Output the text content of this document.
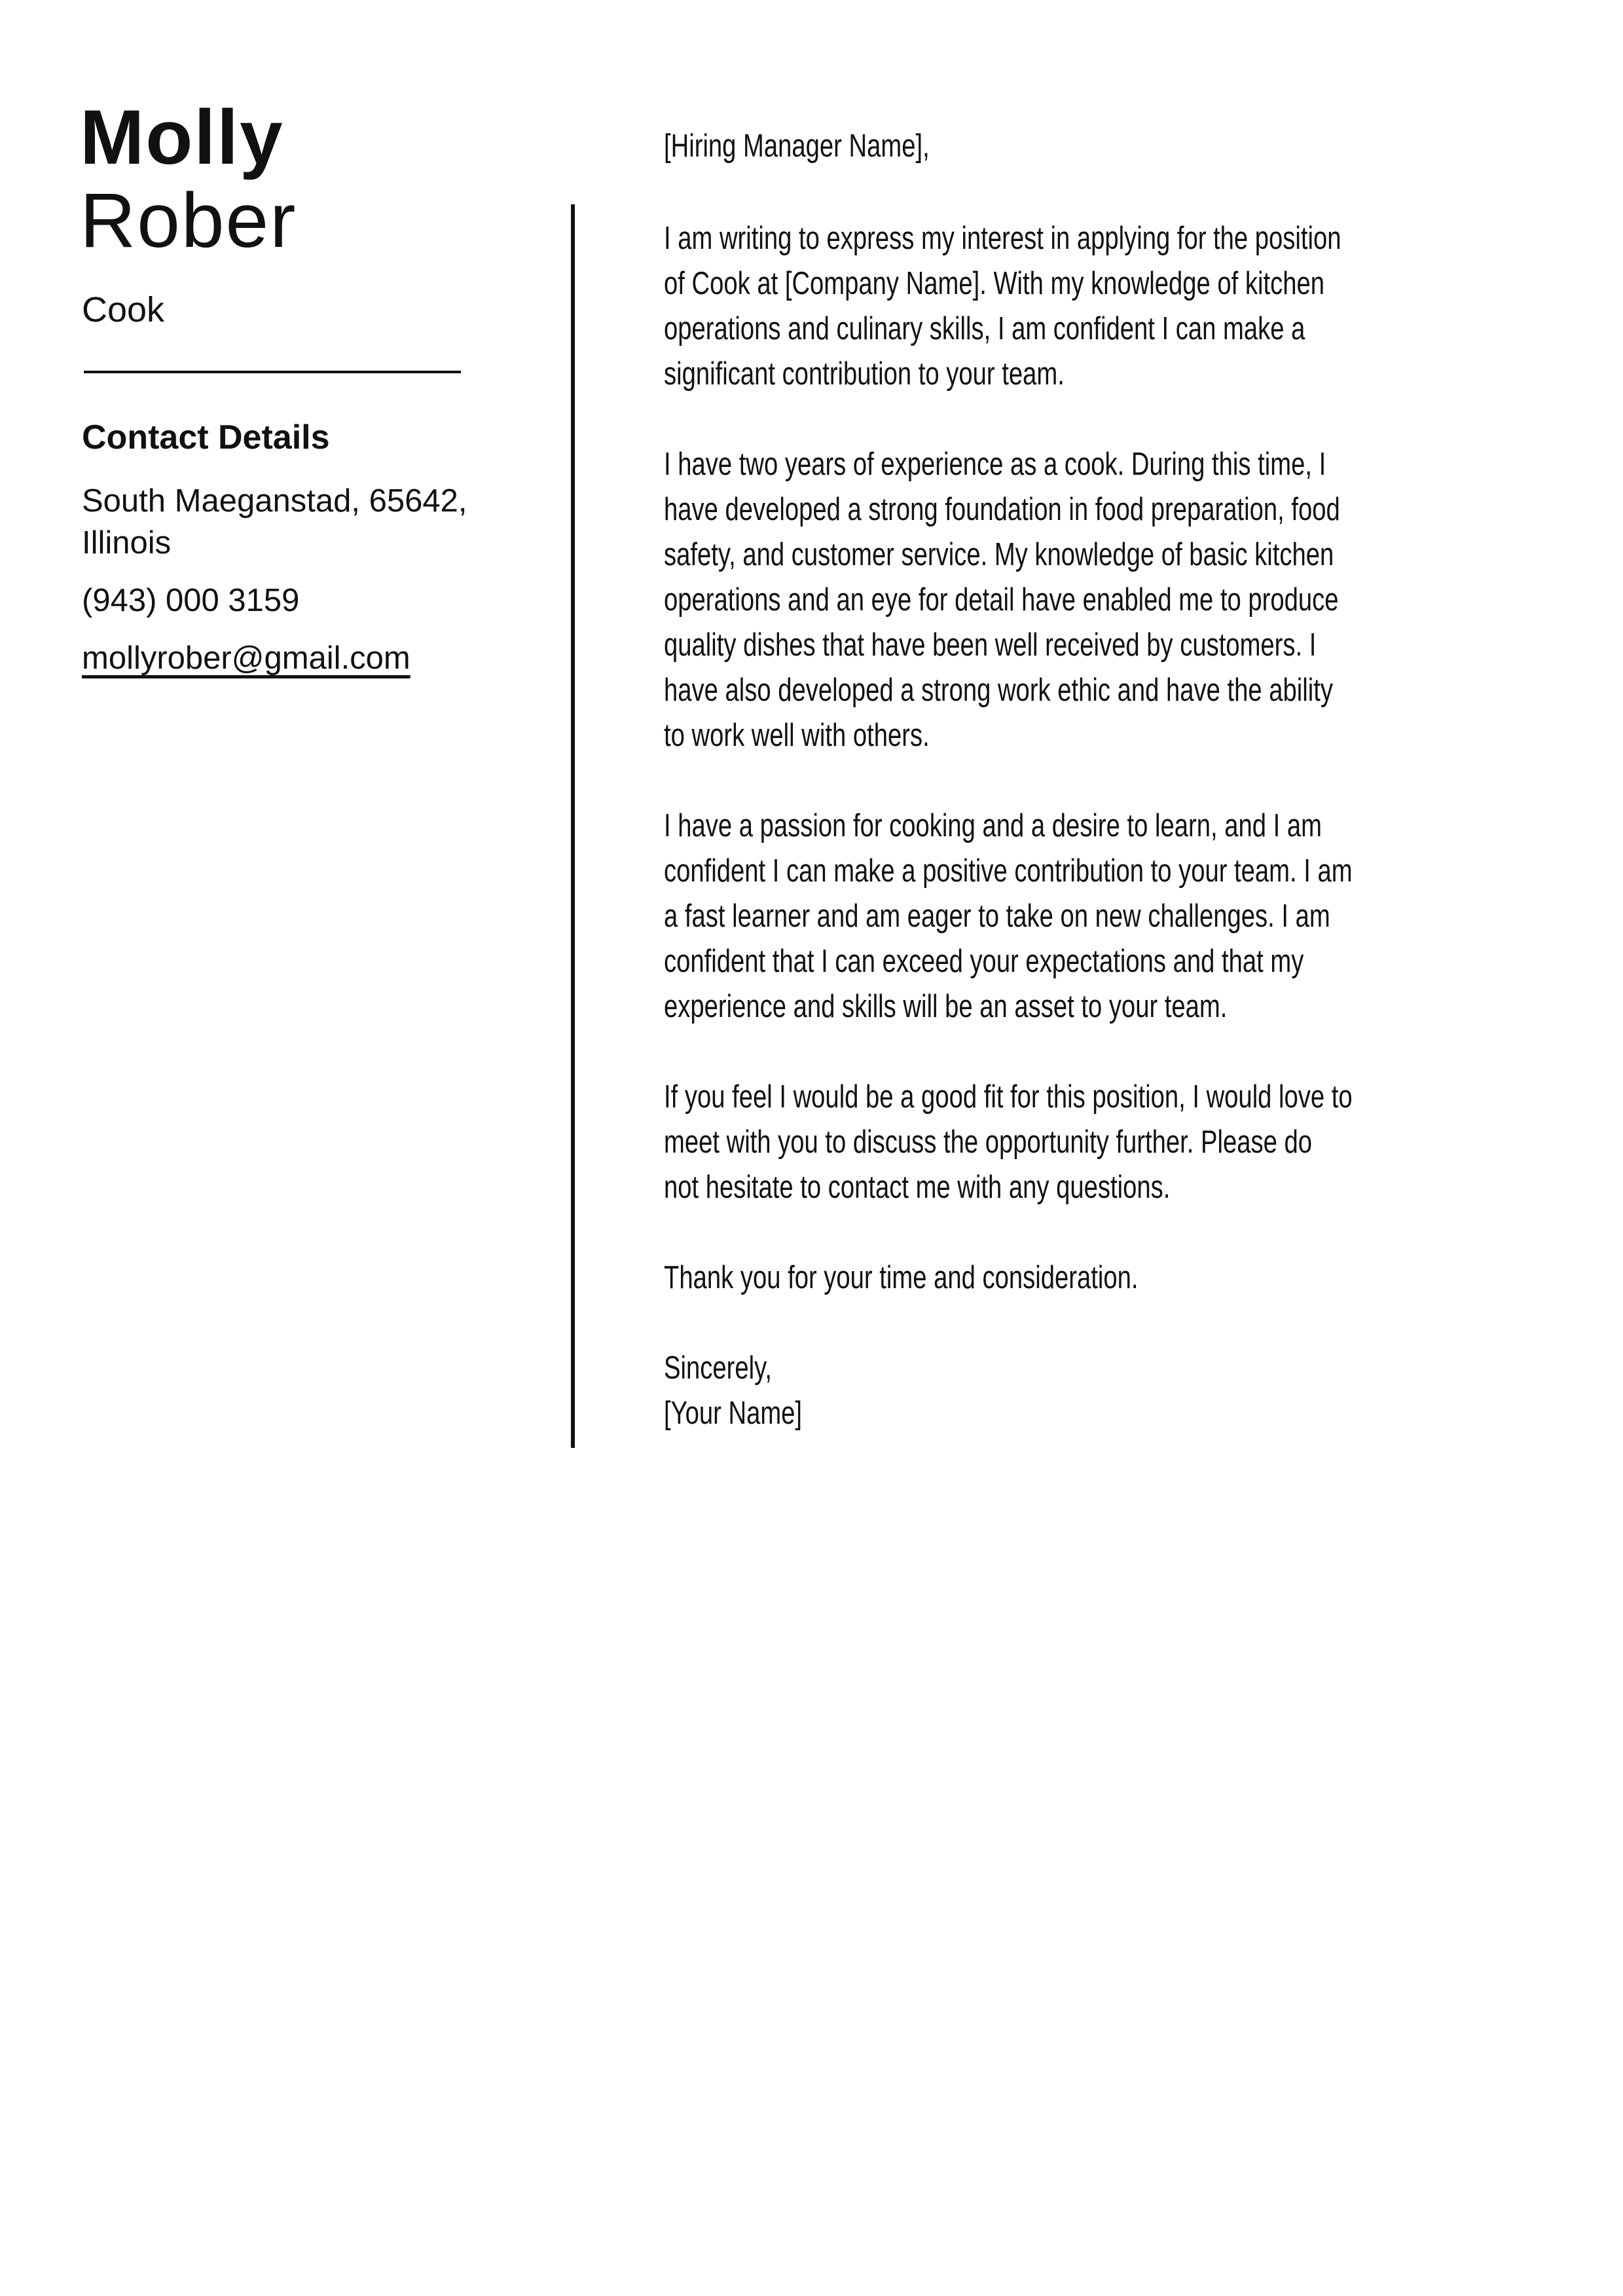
Molly
Rober
Cook
Contact Details
South Maeganstad, 65642,
Illinois
(943) 000 3159
mollyrober@gmail.com
[Hiring Manager Name],

I am writing to express my interest in applying for the position
of Cook at [Company Name]. With my knowledge of kitchen
operations and culinary skills, I am confident I can make a
significant contribution to your team.

I have two years of experience as a cook. During this time, I
have developed a strong foundation in food preparation, food
safety, and customer service. My knowledge of basic kitchen
operations and an eye for detail have enabled me to produce
quality dishes that have been well received by customers. I
have also developed a strong work ethic and have the ability
to work well with others.

I have a passion for cooking and a desire to learn, and I am
confident I can make a positive contribution to your team. I am
a fast learner and am eager to take on new challenges. I am
confident that I can exceed your expectations and that my
experience and skills will be an asset to your team.

If you feel I would be a good fit for this position, I would love to
meet with you to discuss the opportunity further. Please do
not hesitate to contact me with any questions.

Thank you for your time and consideration.

Sincerely,
[Your Name]
